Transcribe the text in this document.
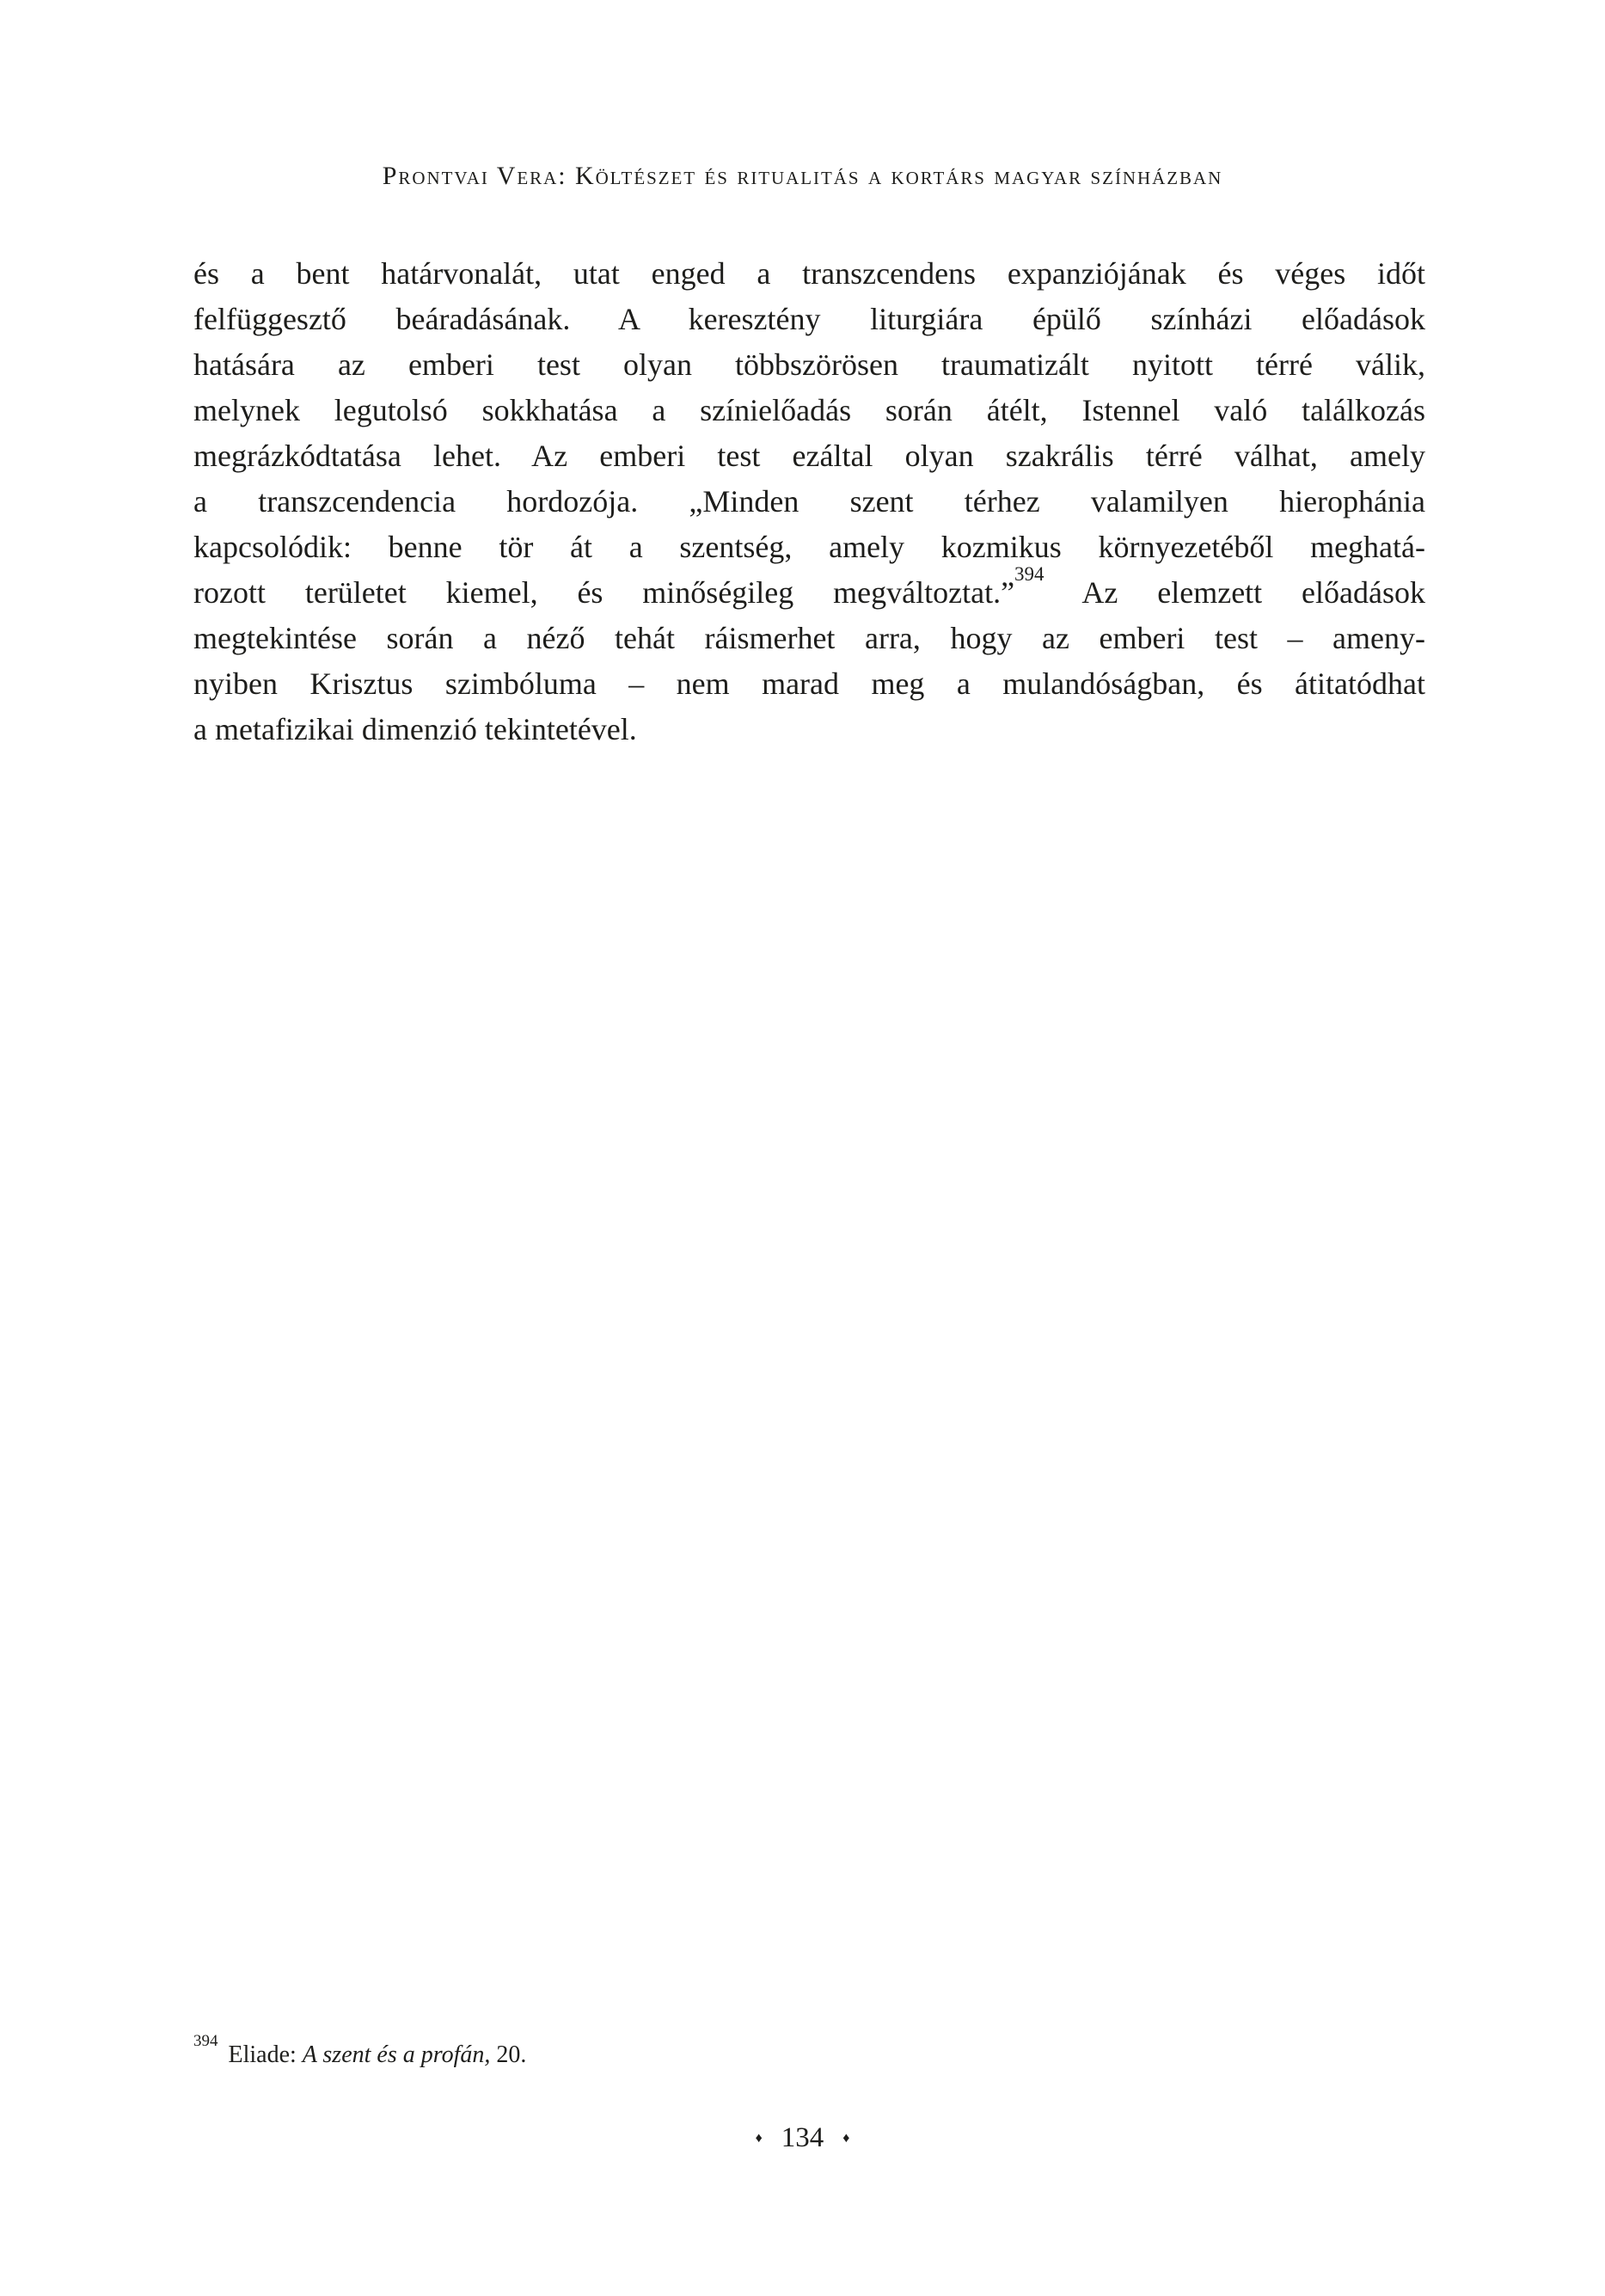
Prontvai Vera: Költészet és ritualitás a kortárs magyar színházban
és a bent határvonalát, utat enged a transzcendens expanziójának és véges időt
felfüggesztő beáradásának. A keresztény liturgiára épülő színházi előadások
hatására az emberi test olyan többszörösen traumatizált nyitott térré válik,
melynek legutolsó sokkhatása a színielőadás során átélt, Istennel való találkozás
megrázkódtatása lehet. Az emberi test ezáltal olyan szakrális térré válhat, amely
a transzcendencia hordozója. „Minden szent térhez valamilyen hierophánia
kapcsolódik: benne tör át a szentség, amely kozmikus környezetéből meghatá-
rozott területet kiemel, és minőségileg megváltoztat.”$^{394}$ Az elemzett előadások
megtekintése során a néző tehát ráismerhet arra, hogy az emberi test – ameny-
nyiben Krisztus szimbóluma – nem marad meg a mulandóságban, és átitatódhat
a metafizikai dimenzió tekintetével.
$^{394}$Eliade: A szent és a profán, 20.
♦ 134 ♦
